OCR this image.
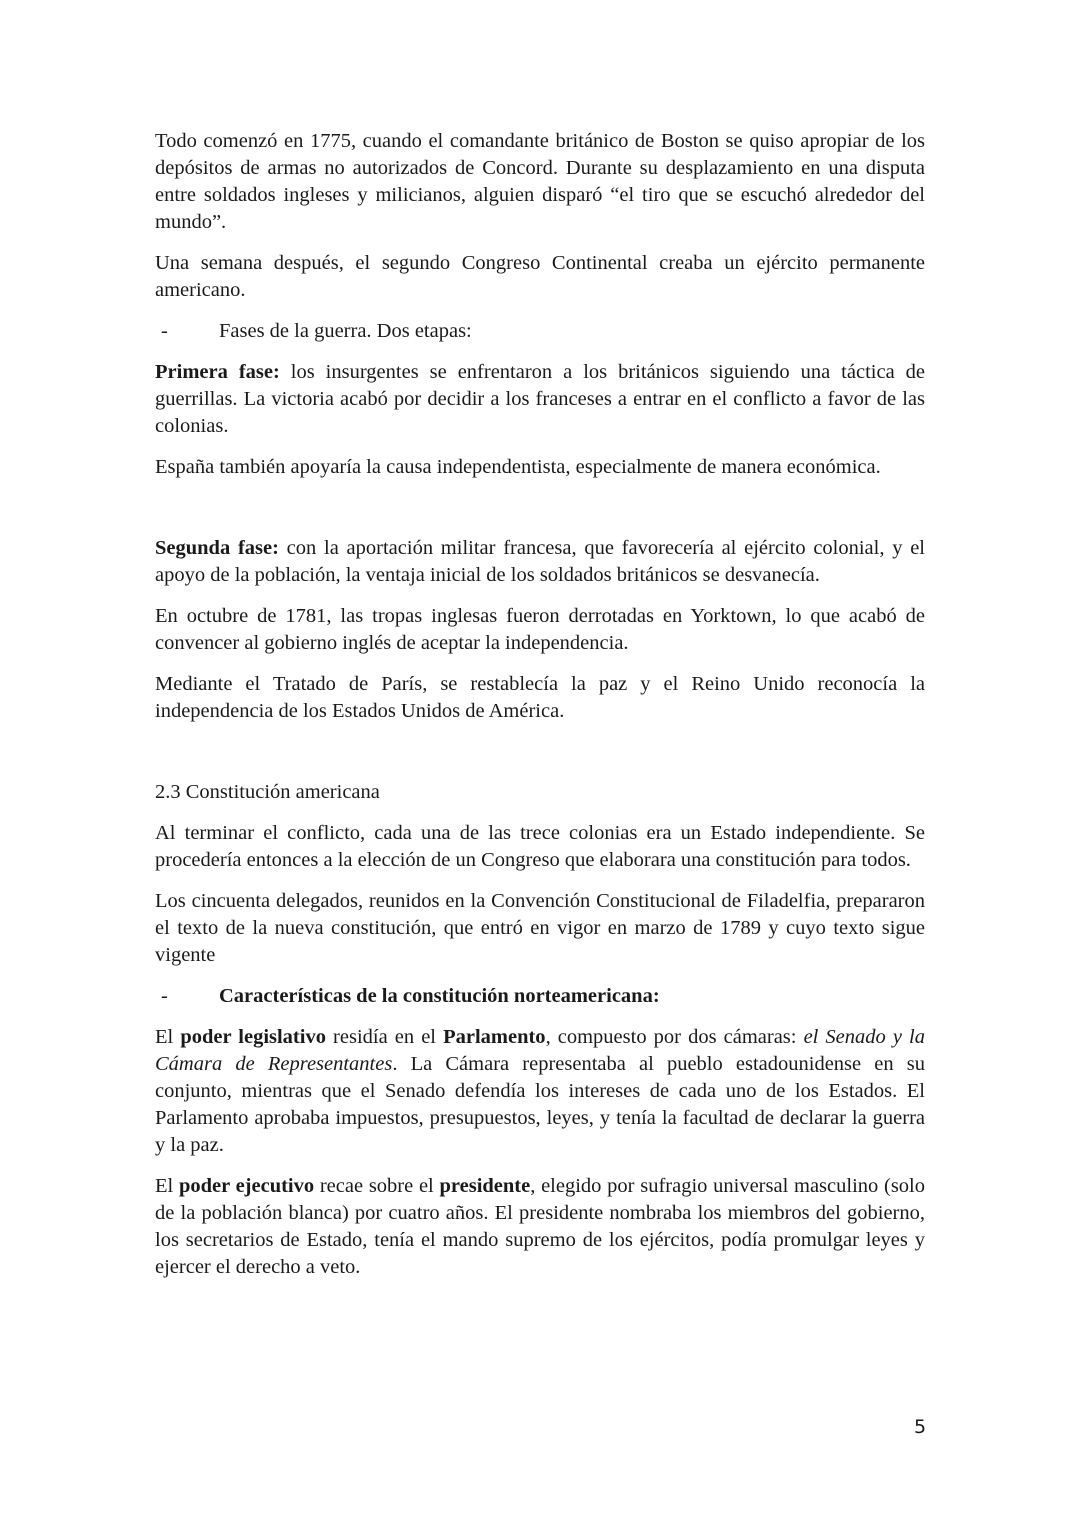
Todo comenzó en 1775, cuando el comandante británico de Boston se quiso apropiar de los depósitos de armas no autorizados de Concord. Durante su desplazamiento en una disputa entre soldados ingleses y milicianos, alguien disparó “el tiro que se escuchó alrededor del mundo”.

Una semana después, el segundo Congreso Continental creaba un ejército permanente americano.

-	Fases de la guerra. Dos etapas:

Primera fase: los insurgentes se enfrentaron a los británicos siguiendo una táctica de guerrillas. La victoria acabó por decidir a los franceses a entrar en el conflicto a favor de las colonias.

España también apoyaría la causa independentista, especialmente de manera económica.

Segunda fase: con la aportación militar francesa, que favorecería al ejército colonial, y el apoyo de la población, la ventaja inicial de los soldados británicos se desvanecía.

En octubre de 1781, las tropas inglesas fueron derrotadas en Yorktown, lo que acabó de convencer al gobierno inglés de aceptar la independencia.

Mediante el Tratado de París, se restablecía la paz y el Reino Unido reconocía la independencia de los Estados Unidos de América.

2.3 Constitución americana

Al terminar el conflicto, cada una de las trece colonias era un Estado independiente. Se procedería entonces a la elección de un Congreso que elaborara una constitución para todos.

Los cincuenta delegados, reunidos en la Convención Constitucional de Filadelfia, prepararon el texto de la nueva constitución, que entró en vigor en marzo de 1789 y cuyo texto sigue vigente

-	Características de la constitución norteamericana:

El poder legislativo residía en el Parlamento, compuesto por dos cámaras: el Senado y la Cámara de Representantes. La Cámara representaba al pueblo estadounidense en su conjunto, mientras que el Senado defendía los intereses de cada uno de los Estados. El Parlamento aprobaba impuestos, presupuestos, leyes, y tenía la facultad de declarar la guerra y la paz.

El poder ejecutivo recae sobre el presidente, elegido por sufragio universal masculino (solo de la población blanca) por cuatro años. El presidente nombraba los miembros del gobierno, los secretarios de Estado, tenía el mando supremo de los ejércitos, podía promulgar leyes y ejercer el derecho a veto.

5
